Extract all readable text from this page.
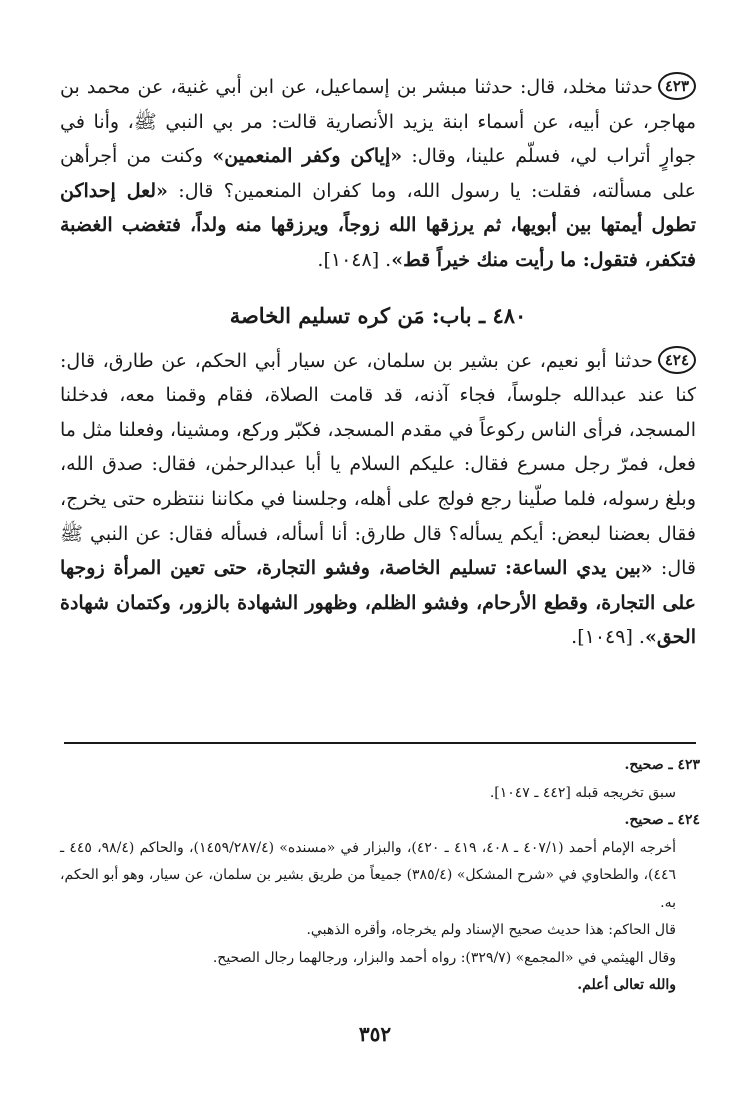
٤٢٣حدثنا مخلد، قال: حدثنا مبشر بن إسماعيل، عن ابن أبي غنية، عن محمد بن مهاجر، عن أبيه، عن أسماء ابنة يزيد الأنصارية قالت: مر بي النبي ﷺ، وأنا في جوارٍ أتراب لي، فسلّم علينا، وقال: «إياكن وكفر المنعمين» وكنت من أجرأهن على مسألته، فقلت: يا رسول الله، وما كفران المنعمين؟ قال: «لعل إحداكن تطول أيمتها بين أبويها، ثم يرزقها الله زوجاً، ويرزقها منه ولداً، فتغضب الغضبة فتكفر، فتقول: ما رأيت منك خيراً قط». [١٠٤٨].

٤٨٠ ـ باب: مَن كره تسليم الخاصة

٤٢٤حدثنا أبو نعيم، عن بشير بن سلمان، عن سيار أبي الحكم، عن طارق، قال: كنا عند عبدالله جلوساً، فجاء آذنه، قد قامت الصلاة، فقام وقمنا معه، فدخلنا المسجد، فرأى الناس ركوعاً في مقدم المسجد، فكبّر وركع، ومشينا، وفعلنا مثل ما فعل، فمرّ رجل مسرع فقال: عليكم السلام يا أبا عبدالرحمٰن، فقال: صدق الله، وبلغ رسوله، فلما صلّينا رجع فولج على أهله، وجلسنا في مكاننا ننتظره حتى يخرج، فقال بعضنا لبعض: أيكم يسأله؟ قال طارق: أنا أسأله، فسأله فقال: عن النبي ﷺ قال: «بين يدي الساعة: تسليم الخاصة، وفشو التجارة، حتى تعين المرأة زوجها على التجارة، وقطع الأرحام، وفشو الظلم، وظهور الشهادة بالزور، وكتمان شهادة الحق». [١٠٤٩].

٤٢٣ ـ صحيح.

سبق تخريجه قبله [٤٤٢ ـ ١٠٤٧].

٤٢٤ ـ صحيح.

أخرجه الإمام أحمد (٤٠٧/١ ـ ٤٠٨، ٤١٩ ـ ٤٢٠)، والبزار في «مسنده» (١٤٥٩/٢٨٧/٤)، والحاكم (٩٨/٤، ٤٤٥ ـ ٤٤٦)، والطحاوي في «شرح المشكل» (٣٨٥/٤) جميعاً من طريق بشير بن سلمان، عن سيار، وهو أبو الحكم، به.

قال الحاكم: هذا حديث صحيح الإسناد ولم يخرجاه، وأقره الذهبي.

وقال الهيثمي في «المجمع» (٣٢٩/٧): رواه أحمد والبزار، ورجالهما رجال الصحيح.

والله تعالى أعلم.

٣٥٢
